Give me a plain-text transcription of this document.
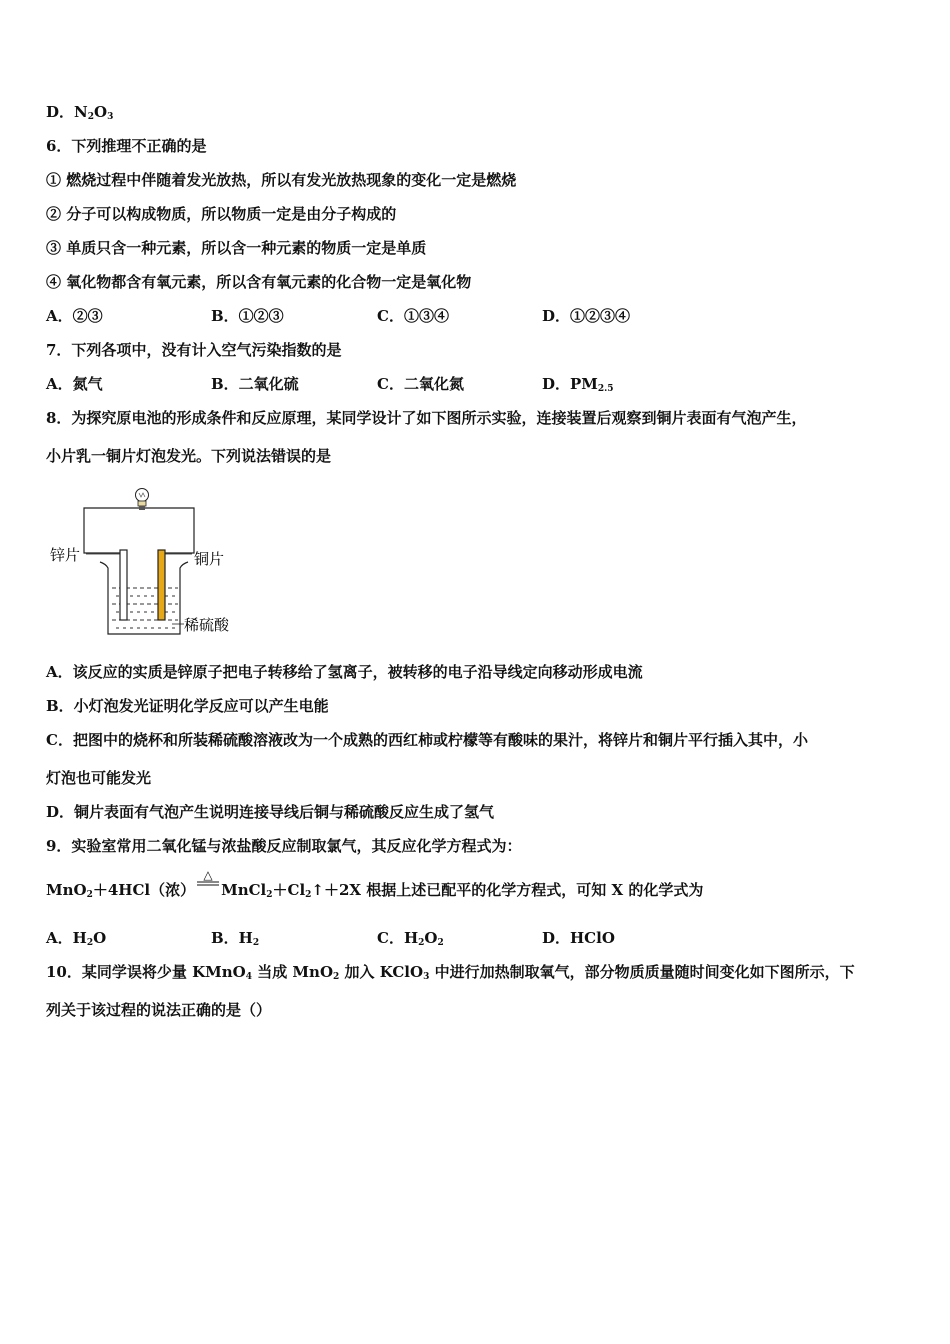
D．$N_2O_3$
6．下列推理不正确的是
① 燃烧过程中伴随着发光放热，所以有发光放热现象的变化一定是燃烧
② 分子可以构成物质，所以物质一定是由分子构成的
③ 单质只含一种元素，所以含一种元素的物质一定是单质
④ 氧化物都含有氧元素，所以含有氧元素的化合物一定是氧化物
A．②③	B．①②③	C．①③④	D．①②③④
7．下列各项中，没有计入空气污染指数的是
A．氮气	B．二氧化硫	C．二氧化氮	D．$PM_{2.5}$
8．为探究原电池的形成条件和反应原理，某同学设计了如下图所示实验，连接装置后观察到铜片表面有气泡产生，
小片乳一铜片灯泡发光。下列说法错误的是
锌片	铜片
稀硫酸
A．该反应的实质是锌原子把电子转移给了氢离子，被转移的电子沿导线定向移动形成电流
B．小灯泡发光证明化学反应可以产生电能
C．把图中的烧杯和所装稀硫酸溶液改为一个成熟的西红柿或柠檬等有酸味的果汁，将锌片和铜片平行插入其中，小
灯泡也可能发光
D．铜片表面有气泡产生说明连接导线后铜与稀硫酸反应生成了氢气
9．实验室常用二氧化锰与浓盐酸反应制取氯气，其反应化学方程式为：
△
MnO$_2$＋4HCl（浓） $MnCl_2+Cl_2↑+2X$ 根据上述已配平的化学方程式，可知 X 的化学式为
A．$H_2O$	B．$H_2$	C．$H_2O_2$	D．HClO
10．某同学误将少量 KMnO$_4$ 当成 MnO$_2$ 加入 KClO$_3$ 中进行加热制取氧气，部分物质质量随时间变化如下图所示，下
列关于该过程的说法正确的是（）
